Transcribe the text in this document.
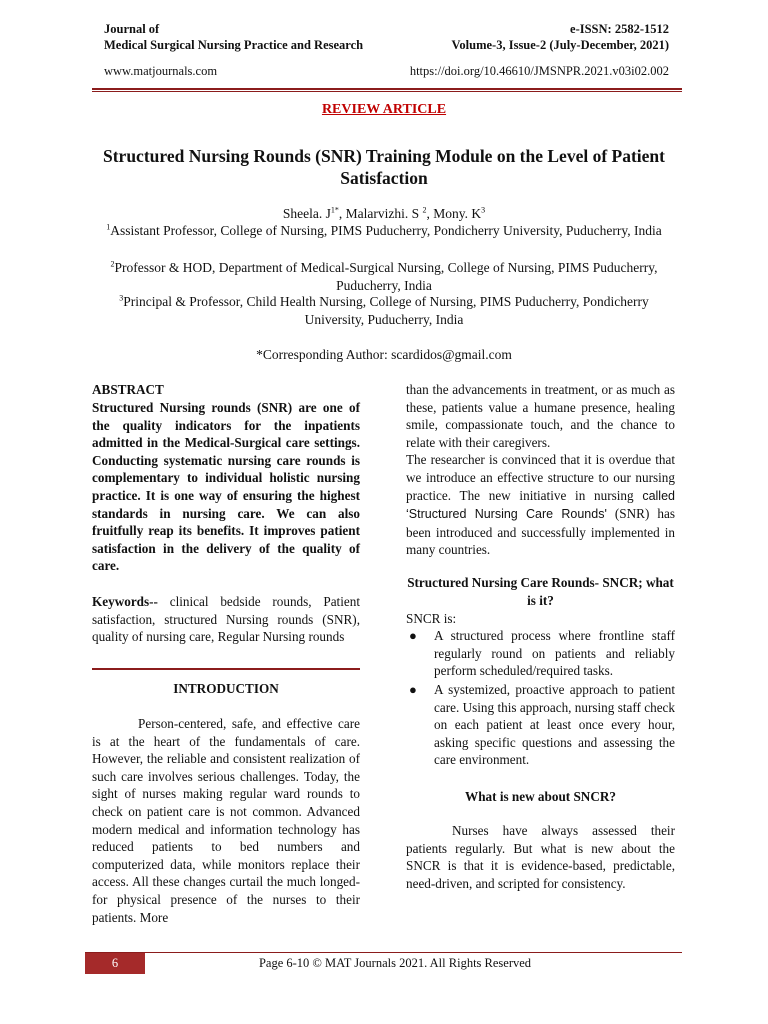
Journal of
Medical Surgical Nursing Practice and Research
e-ISSN: 2582-1512
Volume-3, Issue-2 (July-December, 2021)
www.matjournals.com	https://doi.org/10.46610/JMSNPR.2021.v03i02.002
REVIEW ARTICLE
Structured Nursing Rounds (SNR) Training Module on the Level of Patient Satisfaction
Sheela. $J^{1*}$, Malarvizhi. S $^2$, Mony. $K^3$
$^1$Assistant Professor, College of Nursing, PIMS Puducherry, Pondicherry University, Puducherry, India
$^2$Professor & HOD, Department of Medical-Surgical Nursing, College of Nursing, PIMS Puducherry, Puducherry, India
$^3$Principal & Professor, Child Health Nursing, College of Nursing, PIMS Puducherry, Pondicherry University, Puducherry, India
*Corresponding Author: scardidos@gmail.com
ABSTRACT
Structured Nursing rounds (SNR) are one of the quality indicators for the inpatients admitted in the Medical-Surgical care settings. Conducting systematic nursing care rounds is complementary to individual holistic nursing practice. It is one way of ensuring the highest standards in nursing care. We can also fruitfully reap its benefits. It improves patient satisfaction in the delivery of the quality of care.
Keywords-- clinical bedside rounds, Patient satisfaction, structured Nursing rounds (SNR), quality of nursing care, Regular Nursing rounds
INTRODUCTION
Person-centered, safe, and effective care is at the heart of the fundamentals of care. However, the reliable and consistent realization of such care involves serious challenges. Today, the sight of nurses making regular ward rounds to check on patient care is not common. Advanced modern medical and information technology has reduced patients to bed numbers and computerized data, while monitors replace their access. All these changes curtail the much longed-for physical presence of the nurses to their patients. More
than the advancements in treatment, or as much as these, patients value a humane presence, healing smile, compassionate touch, and the chance to relate with their caregivers.
The researcher is convinced that it is overdue that we introduce an effective structure to our nursing practice. The new initiative in nursing called ‘Structured Nursing Care Rounds' (SNR) has been introduced and successfully implemented in many countries.
Structured Nursing Care Rounds- SNCR; what is it?
SNCR is:
● A structured process where frontline staff regularly round on patients and reliably perform scheduled/required tasks.
● A systemized, proactive approach to patient care. Using this approach, nursing staff check on each patient at least once every hour, asking specific questions and assessing the care environment.
What is new about SNCR?
Nurses have always assessed their patients regularly. But what is new about the SNCR is that it is evidence-based, predictable, need-driven, and scripted for consistency.
6	Page 6-10 © MAT Journals 2021. All Rights Reserved
